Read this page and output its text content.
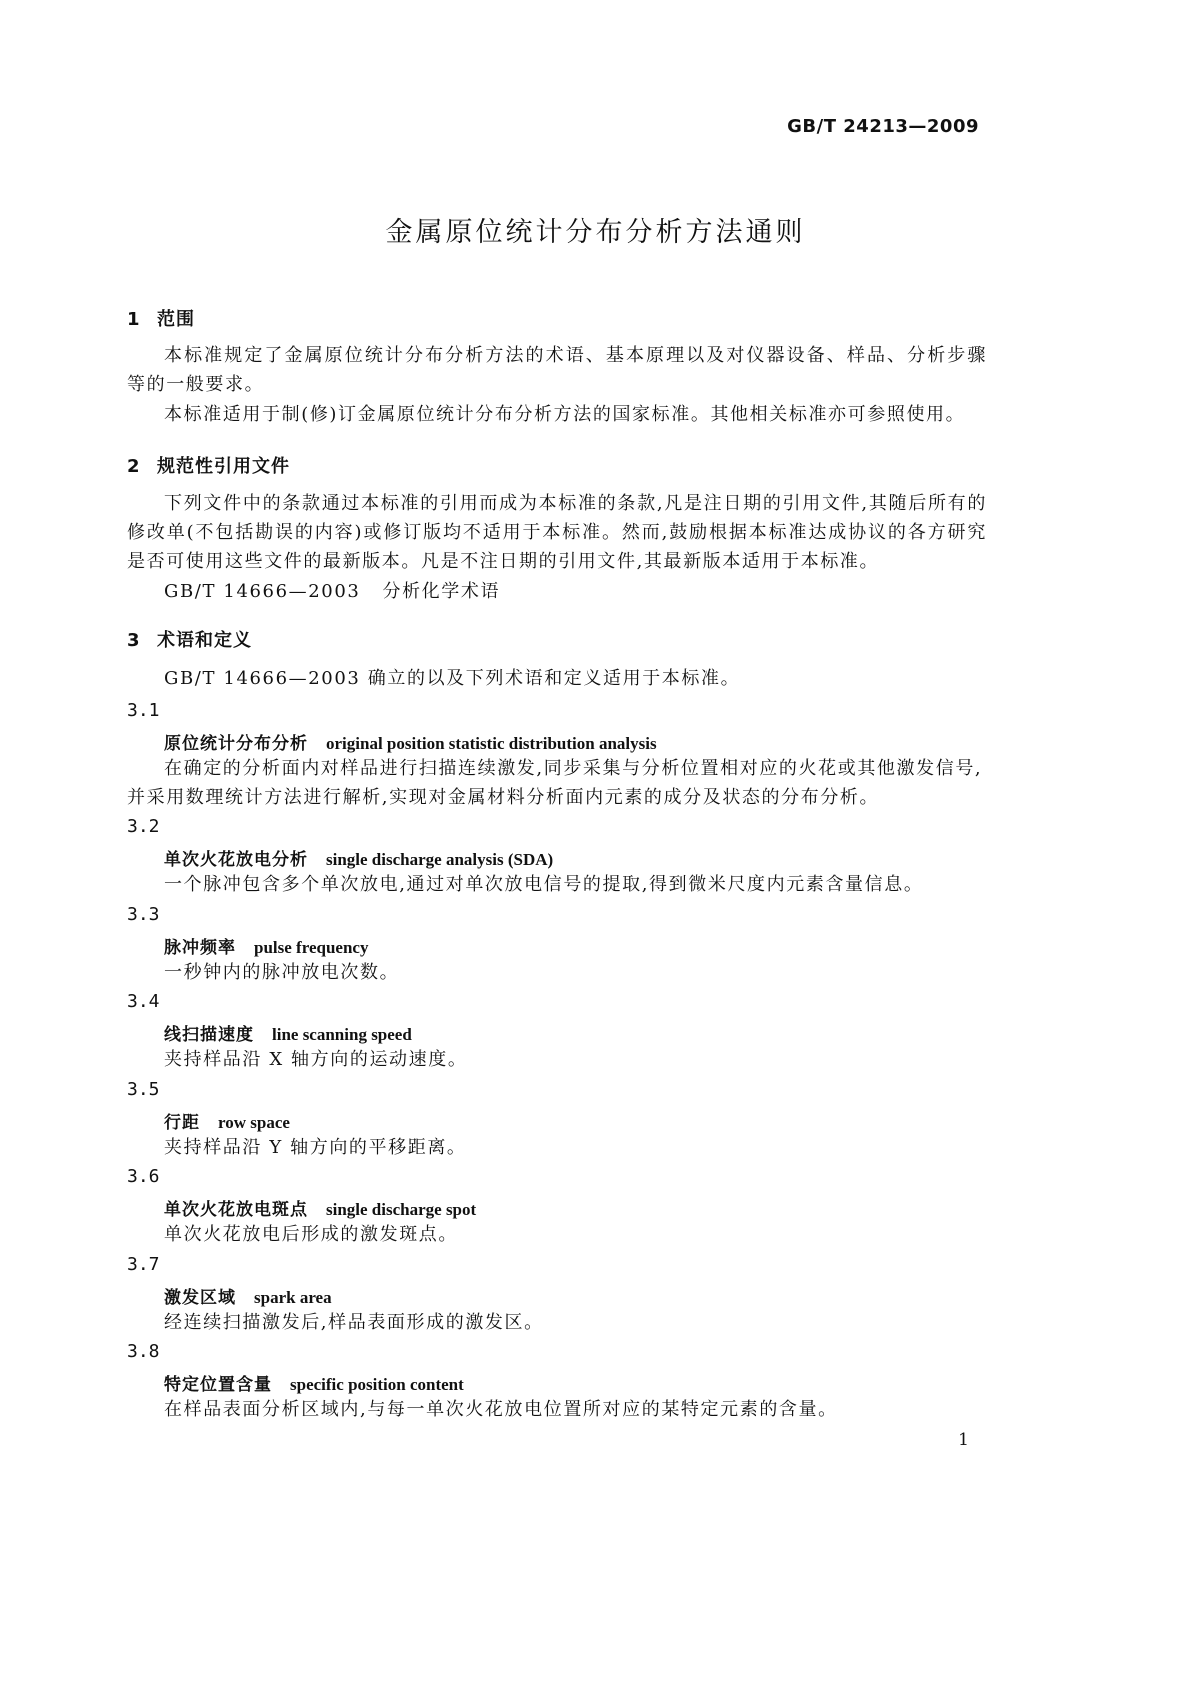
GB/T 24213—2009
金属原位统计分布分析方法通则
1 范围
本标准规定了金属原位统计分布分析方法的术语、基本原理以及对仪器设备、样品、分析步骤等的一般要求。
本标准适用于制(修)订金属原位统计分布分析方法的国家标准。其他相关标准亦可参照使用。
2 规范性引用文件
下列文件中的条款通过本标准的引用而成为本标准的条款,凡是注日期的引用文件,其随后所有的修改单(不包括勘误的内容)或修订版均不适用于本标准。然而,鼓励根据本标准达成协议的各方研究是否可使用这些文件的最新版本。凡是不注日期的引用文件,其最新版本适用于本标准。
GB/T 14666—2003 分析化学术语
3 术语和定义
GB/T 14666—2003 确立的以及下列术语和定义适用于本标准。
3.1
原位统计分布分析 original position statistic distribution analysis
在确定的分析面内对样品进行扫描连续激发,同步采集与分析位置相对应的火花或其他激发信号,
并采用数理统计方法进行解析,实现对金属材料分析面内元素的成分及状态的分布分析。
3.2
单次火花放电分析 single discharge analysis (SDA)
一个脉冲包含多个单次放电,通过对单次放电信号的提取,得到微米尺度内元素含量信息。
3.3
脉冲频率 pulse frequency
一秒钟内的脉冲放电次数。
3.4
线扫描速度 line scanning speed
夹持样品沿 X 轴方向的运动速度。
3.5
行距 row space
夹持样品沿 Y 轴方向的平移距离。
3.6
单次火花放电斑点 single discharge spot
单次火花放电后形成的激发斑点。
3.7
激发区域 spark area
经连续扫描激发后,样品表面形成的激发区。
3.8
特定位置含量 specific position content
在样品表面分析区域内,与每一单次火花放电位置所对应的某特定元素的含量。
1
